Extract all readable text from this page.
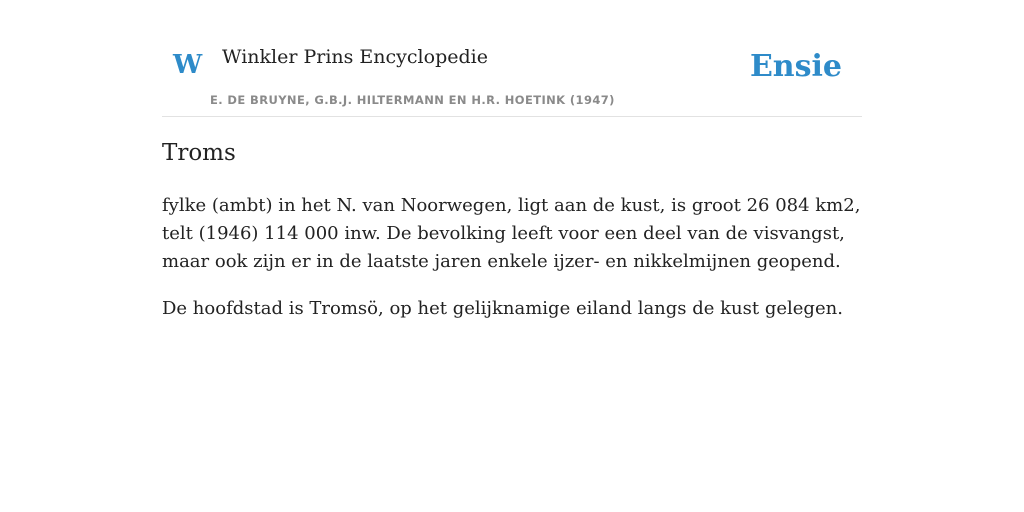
W Winkler Prins Encyclopedie
E. DE BRUYNE, G.B.J. HILTERMANN EN H.R. HOETINK (1947)
Ensie
Troms

fylke (ambt) in het N. van Noorwegen, ligt aan de kust, is groot 26 084 km2, telt (1946) 114 000 inw. De bevolking leeft voor een deel van de visvangst, maar ook zijn er in de laatste jaren enkele ijzer- en nikkelmijnen geopend.

De hoofdstad is Tromsö, op het gelijknamige eiland langs de kust gelegen.
